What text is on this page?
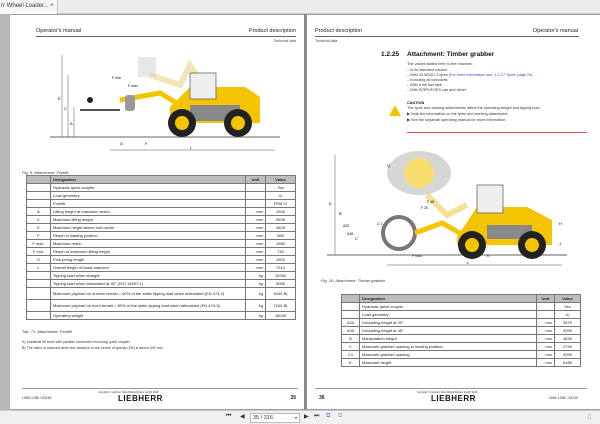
rr Wheel Loader... ×
Operator's manual	Product description
Technical data
E
C
A
L
G	F
F min.
F max.
Fig. 9: Attachment: Forklift
	Designation	Unit	Value
	Hydraulic quick coupler		Yes
	Load geometry		A)
	Forklift		FEM IV
A	Lifting height at maximum reach	mm	1940
C	Maximum lifting height	mm	3535
E	Maximum height above fork carrier	mm	4625
F	Reach in loading position	mm	985
F max.	Maximum reach	mm	1580
F min.	Reach at maximum lifting height	mm	740
G	Fork prong length	mm	1500
L	Overall length of basic machine	mm	7210
	Tipping load when straight	kg	10260
	Tipping load when articulated at 40° (ISO 14397-1)	kg	9050
	Maximum payload on uneven terrain = 60% of the static tipping load when articulated (EN 474-3)	kg	5430 B)
	Maximum payload on even terrain = 80% of the static tipping load when articulated (EN 474-3)	kg	7240 B)
	Operating weight	kg	18040
Tab. 71: Attachment: Forklift
A) Industrial lift arms with parallel movement including quick coupler
B) The value is reduced when the distance to the centre of gravity (SA) is above 600 mm
L556-1288 / 40249
Copyright © Liebherr-Werk Bischofshofen GmbH 2018
LIEBHERR	35
Product description	Operator's manual
Technical data
1.2.25 Attachment: Timber grabber
The values stated refer to the machine:
– In its standard version
– With 23.5R25 L3 tyres (For more information see: 1.2.17 Tyres, page 24)
– Including all lubricants
– With a full fuel tank
– With ROPS/FOPS cab and driver
CAUTION
The tyres and working attachments affect the operating weight and tipping load.
▶ Note the information on the tyres and working attachment.
▶ See the separate operating manual for more information.
E
B
A20
A45
C
Q
H
J
L
K
F max.
F 45
F 20
C 1
Fig. 10: Attachment: Timber grabber
	Designation	Unit	Value
	Hydraulic quick coupler		Yes
	Load geometry		A)
A20	Unloading height at 20°	mm	3570
A45	Unloading height at 45°	mm	2990
B	Manipulation height	mm	4630
C	Maximum grabber opening in loading position	mm	2740
C1	Maximum grabber opening	mm	2990
E	Maximum height	mm	6480
36
Copyright © Liebherr-Werk Bischofshofen GmbH 2018
LIEBHERR	L556-1288 / 40249
⏮ ◀	35 / 316	▾ ▶ ⏭ ⧉ ⧉	▯
